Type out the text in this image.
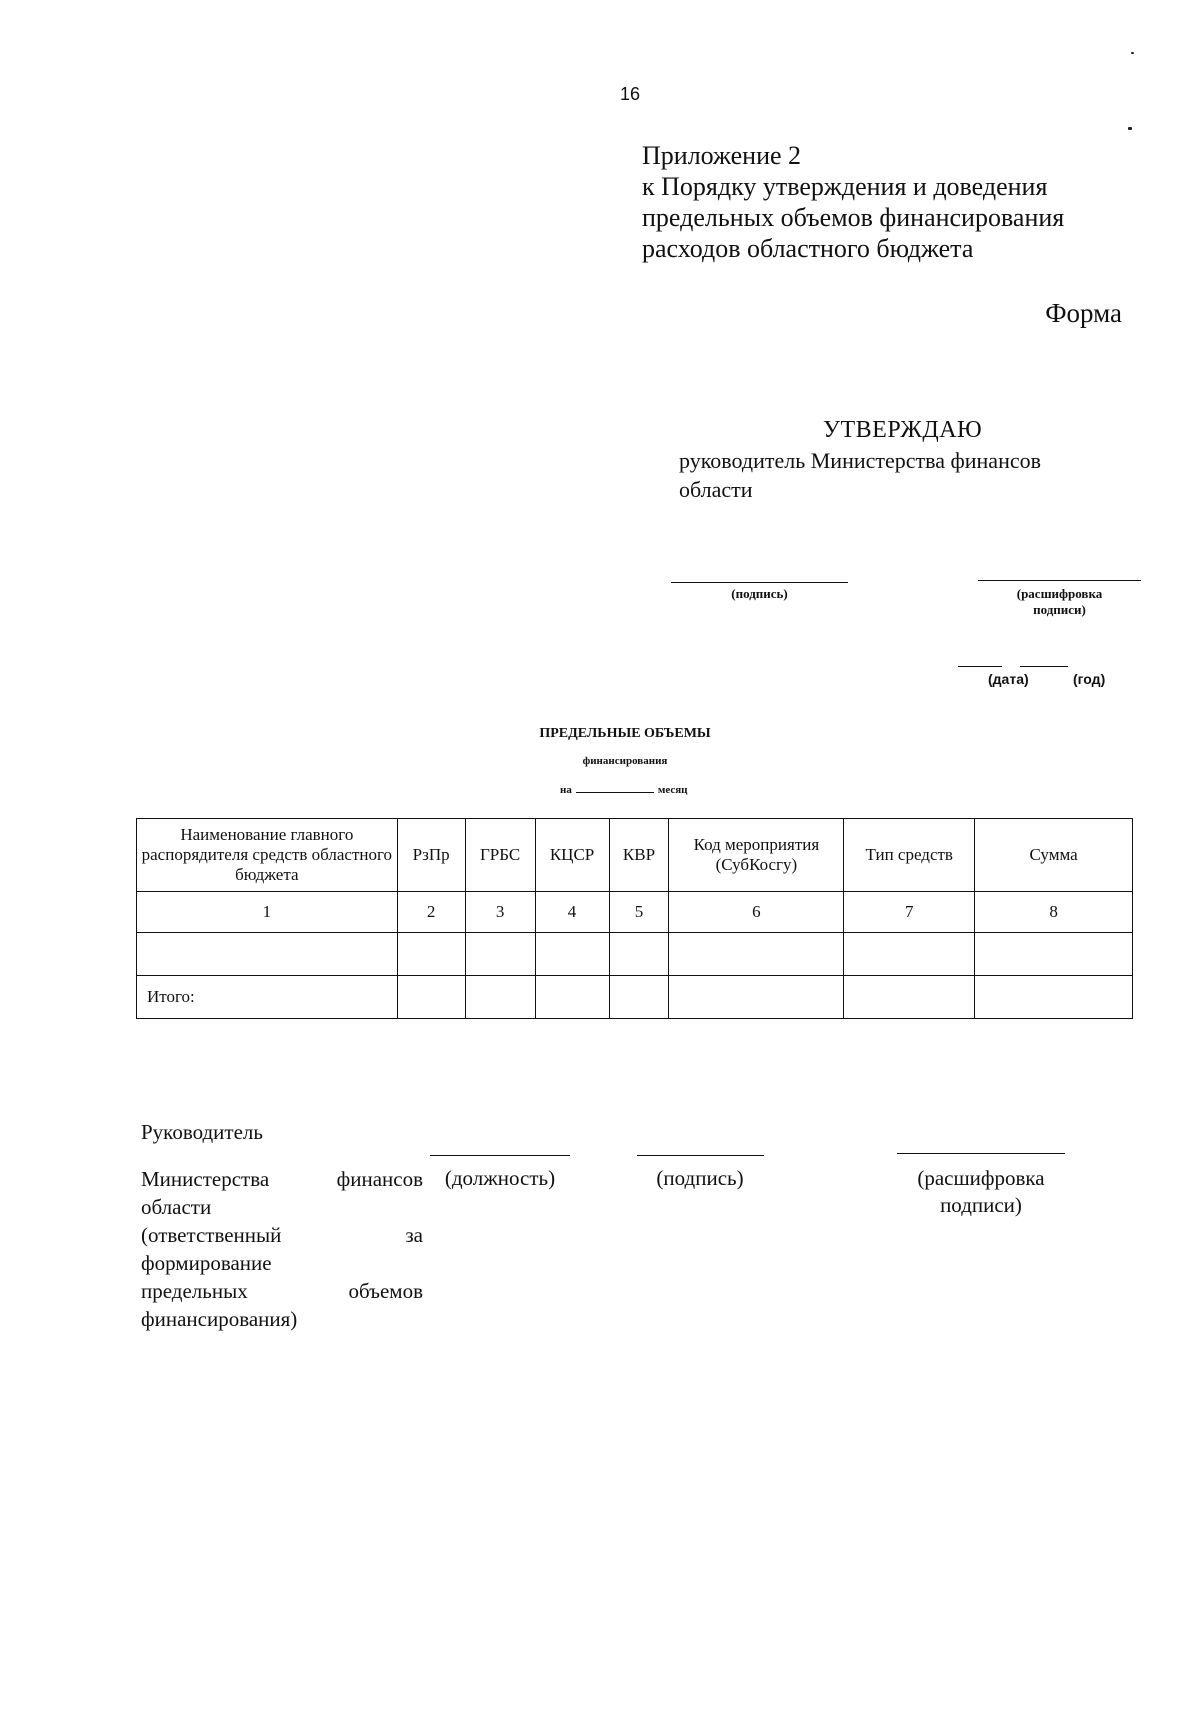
16
Приложение 2
к Порядку утверждения и доведения
предельных объемов финансирования
расходов областного бюджета
Форма
УТВЕРЖДАЮ
руководитель Министерства финансов
области
(подпись)	(расшифровка
подписи)
(дата)	(год)
ПРЕДЕЛЬНЫЕ ОБЪЕМЫ
финансирования
на	месяц
Наименование главного распорядителя средств областного бюджета	РзПр	ГРБС	КЦСР	КВР	Код мероприятия (СубКосгу)	Тип средств	Сумма
1	2	3	4	5	6	7	8

Итого:							
Руководитель
Министерства	финансов
области
(ответственный	за
формирование
предельных	объемов
финансирования)
(должность)	(подпись)	(расшифровка
подписи)
